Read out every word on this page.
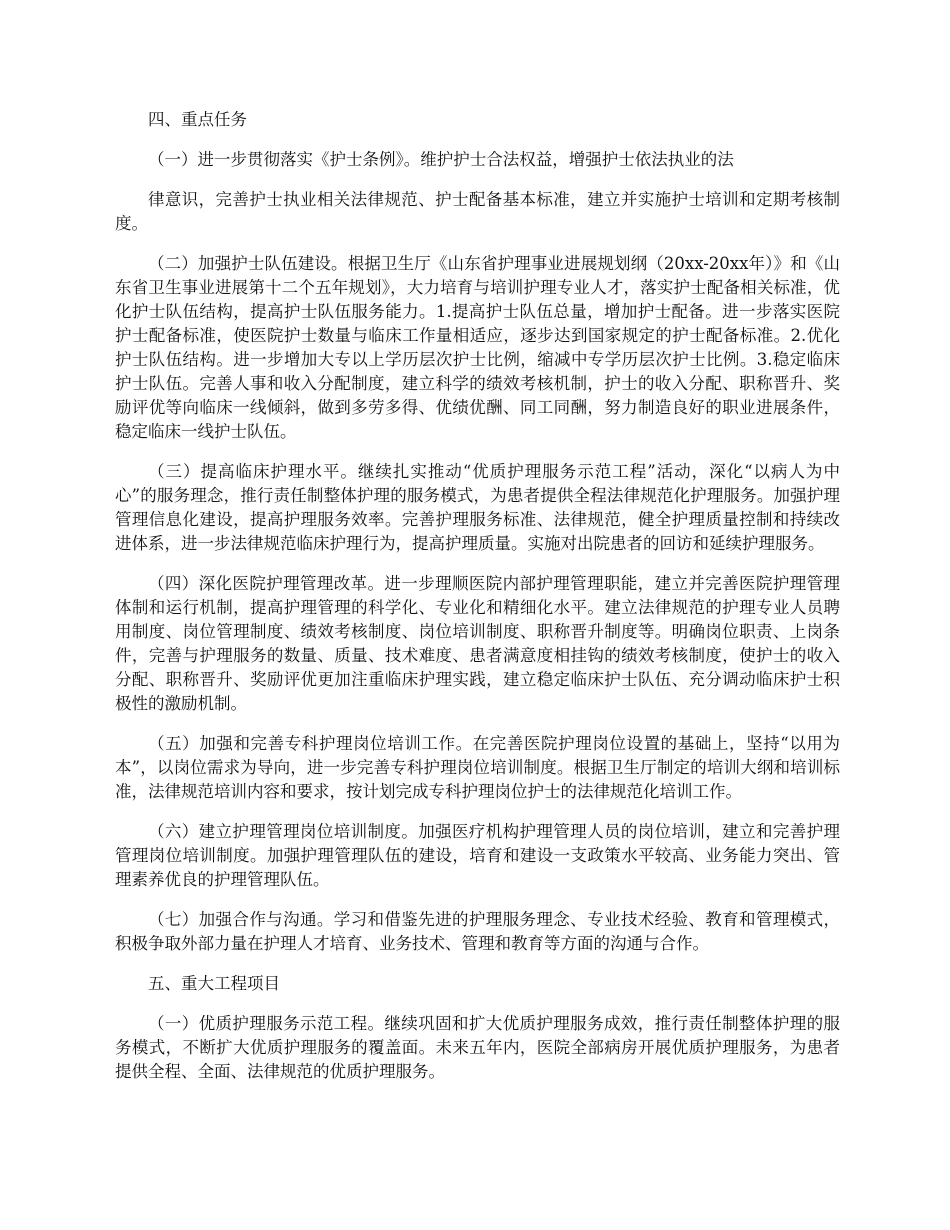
四、重点任务

（一）进一步贯彻落实《护士条例》。维护护士合法权益，增强护士依法执业的法

律意识，完善护士执业相关法律规范、护士配备基本标准，建立并实施护士培训和定期考核制度。

（二）加强护士队伍建设。根据卫生厅《山东省护理事业进展规划纲（20xx-20xx年）》和《山东省卫生事业进展第十二个五年规划》，大力培育与培训护理专业人才，落实护士配备相关标准，优化护士队伍结构，提高护士队伍服务能力。1.提高护士队伍总量，增加护士配备。进一步落实医院护士配备标准，使医院护士数量与临床工作量相适应，逐步达到国家规定的护士配备标准。2.优化护士队伍结构。进一步增加大专以上学历层次护士比例，缩减中专学历层次护士比例。3.稳定临床护士队伍。完善人事和收入分配制度，建立科学的绩效考核机制，护士的收入分配、职称晋升、奖励评优等向临床一线倾斜，做到多劳多得、优绩优酬、同工同酬，努力制造良好的职业进展条件，稳定临床一线护士队伍。

（三）提高临床护理水平。继续扎实推动“优质护理服务示范工程”活动，深化“以病人为中心”的服务理念，推行责任制整体护理的服务模式，为患者提供全程法律规范化护理服务。加强护理管理信息化建设，提高护理服务效率。完善护理服务标准、法律规范，健全护理质量控制和持续改进体系，进一步法律规范临床护理行为，提高护理质量。实施对出院患者的回访和延续护理服务。

（四）深化医院护理管理改革。进一步理顺医院内部护理管理职能，建立并完善医院护理管理体制和运行机制，提高护理管理的科学化、专业化和精细化水平。建立法律规范的护理专业人员聘用制度、岗位管理制度、绩效考核制度、岗位培训制度、职称晋升制度等。明确岗位职责、上岗条件，完善与护理服务的数量、质量、技术难度、患者满意度相挂钩的绩效考核制度，使护士的收入分配、职称晋升、奖励评优更加注重临床护理实践，建立稳定临床护士队伍、充分调动临床护士积极性的激励机制。

（五）加强和完善专科护理岗位培训工作。在完善医院护理岗位设置的基础上，坚持“以用为本”，以岗位需求为导向，进一步完善专科护理岗位培训制度。根据卫生厅制定的培训大纲和培训标准，法律规范培训内容和要求，按计划完成专科护理岗位护士的法律规范化培训工作。

（六）建立护理管理岗位培训制度。加强医疗机构护理管理人员的岗位培训，建立和完善护理管理岗位培训制度。加强护理管理队伍的建设，培育和建设一支政策水平较高、业务能力突出、管理素养优良的护理管理队伍。

（七）加强合作与沟通。学习和借鉴先进的护理服务理念、专业技术经验、教育和管理模式，积极争取外部力量在护理人才培育、业务技术、管理和教育等方面的沟通与合作。

五、重大工程项目

（一）优质护理服务示范工程。继续巩固和扩大优质护理服务成效，推行责任制整体护理的服务模式，不断扩大优质护理服务的覆盖面。未来五年内，医院全部病房开展优质护理服务，为患者提供全程、全面、法律规范的优质护理服务。
